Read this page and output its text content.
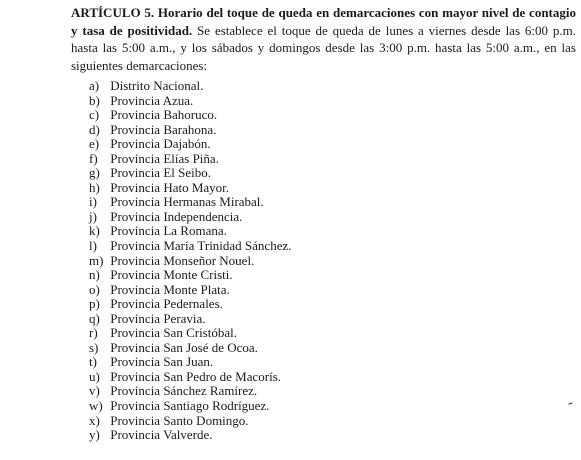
ARTÍCULO 5. Horario del toque de queda en demarcaciones con mayor nivel de contagio y tasa de positividad. Se establece el toque de queda de lunes a viernes desde las 6:00 p.m. hasta las 5:00 a.m., y los sábados y domingos desde las 3:00 p.m. hasta las 5:00 a.m., en las siguientes demarcaciones:

a) Distrito Nacional.
b) Provincia Azua.
c) Provincia Bahoruco.
d) Provincia Barahona.
e) Provincia Dajabón.
f) Provincia Elías Piña.
g) Provincia El Seibo.
h) Provincia Hato Mayor.
i) Provincia Hermanas Mirabal.
j) Provincia Independencia.
k) Provincia La Romana.
l) Provincia María Trinidad Sánchez.
m) Provincia Monseñor Nouel.
n) Provincia Monte Cristi.
o) Provincia Monte Plata.
p) Provincia Pedernales.
q) Provincia Peravia.
r) Provincia San Cristóbal.
s) Provincia San José de Ocoa.
t) Provincia San Juan.
u) Provincia San Pedro de Macorís.
v) Provincia Sánchez Ramírez.
w) Provincia Santiago Rodríguez.
x) Provincia Santo Domingo.
y) Provincia Valverde.
